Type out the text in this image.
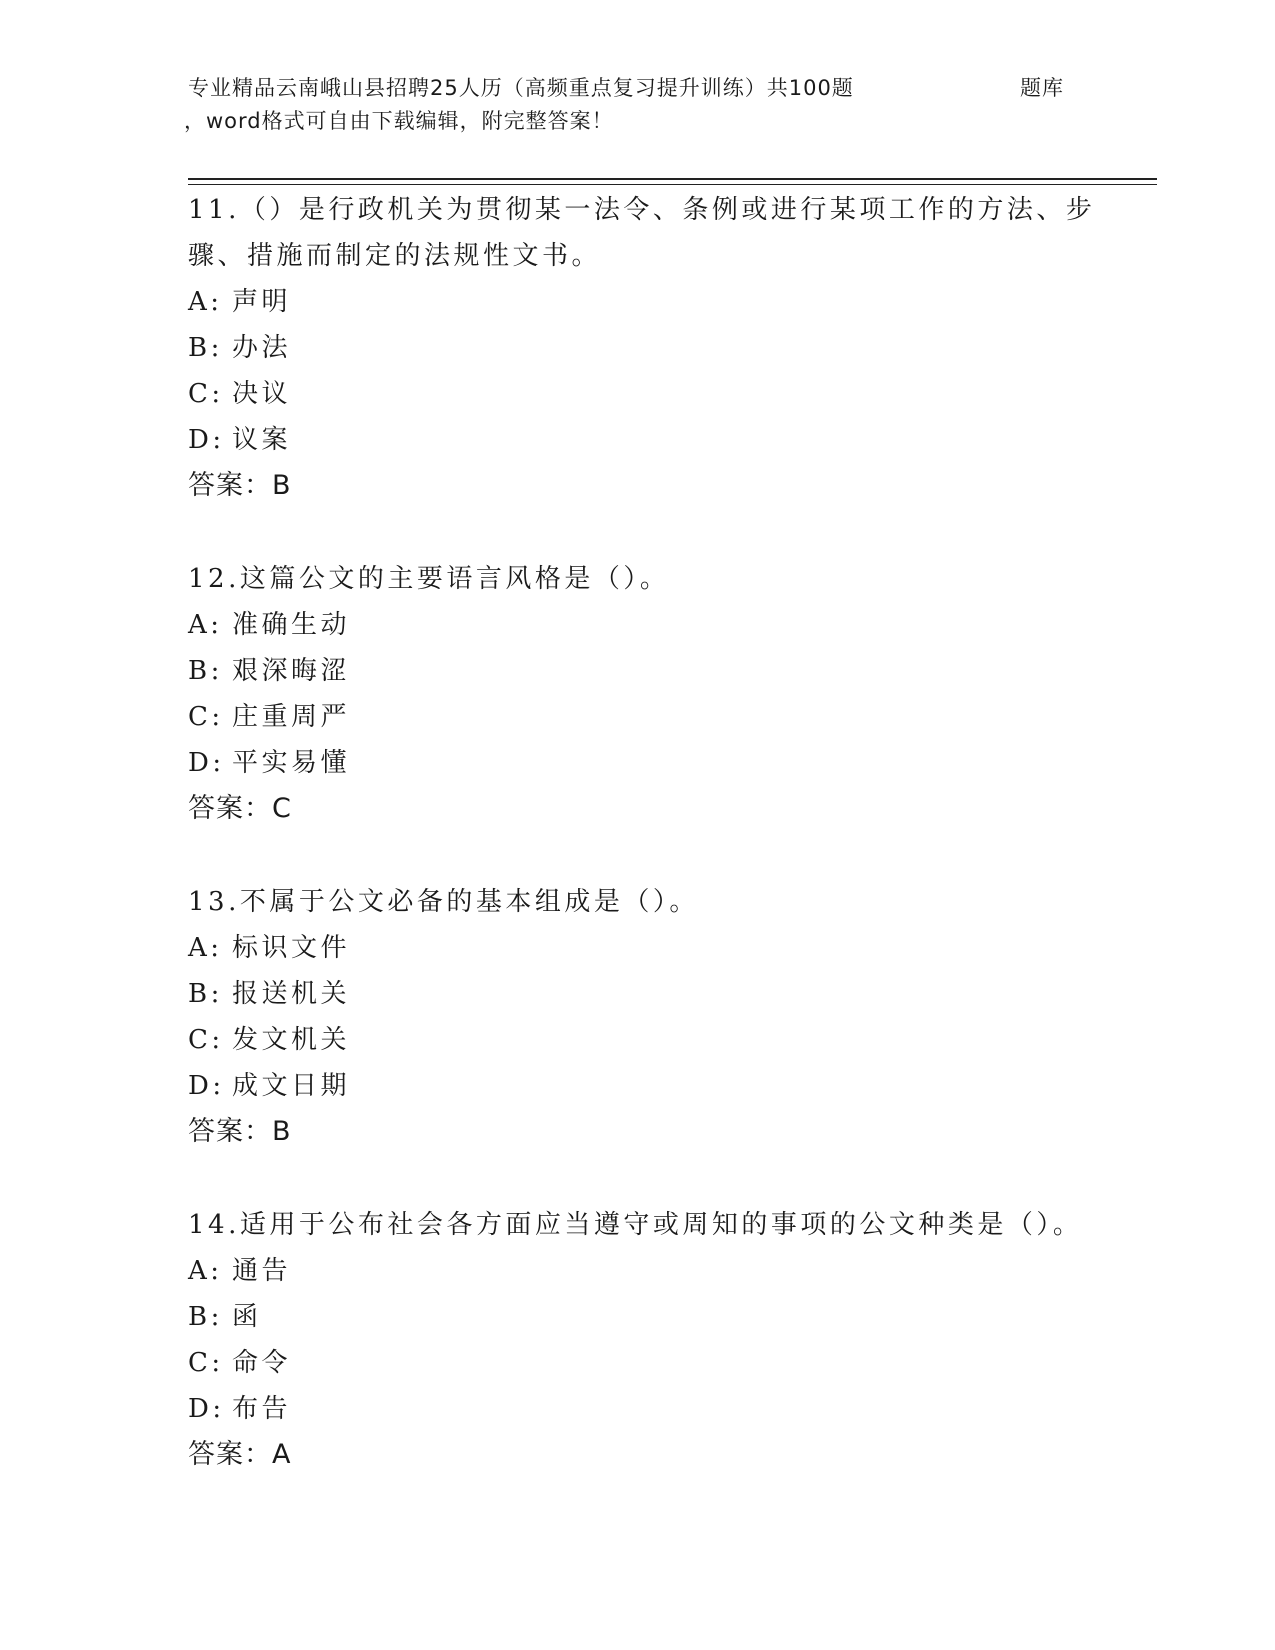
专业精品云南峨山县招聘25人历（高频重点复习提升训练）共100题	题库
，word格式可自由下载编辑，附完整答案！

11.（）是行政机关为贯彻某一法令、条例或进行某项工作的方法、步骤、措施而制定的法规性文书。

A: 声明
B: 办法
C: 决议
D: 议案
答案：B

12.这篇公文的主要语言风格是（）。

A: 准确生动
B: 艰深晦涩
C: 庄重周严
D: 平实易懂
答案：C

13.不属于公文必备的基本组成是（）。

A: 标识文件
B: 报送机关
C: 发文机关
D: 成文日期
答案：B

14.适用于公布社会各方面应当遵守或周知的事项的公文种类是（）。

A: 通告
B: 函
C: 命令
D: 布告
答案：A
